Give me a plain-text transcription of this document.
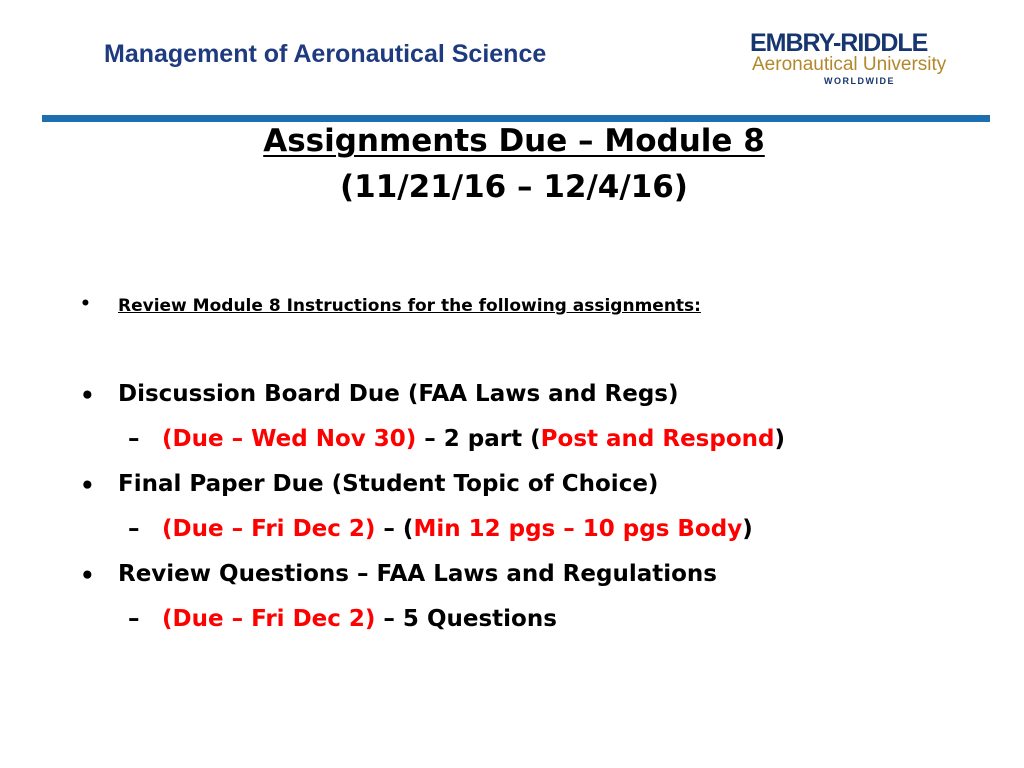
Management of Aeronautical Science	EMBRY-RIDDLE
Aeronautical University
WORLDWIDE
Assignments Due – Module 8
(11/21/16 – 12/4/16)
• Review Module 8 Instructions for the following assignments:
• Discussion Board Due (FAA Laws and Regs)
– (Due – Wed Nov 30) – 2 part (Post and Respond)
• Final Paper Due (Student Topic of Choice)
– (Due – Fri Dec 2) – (Min 12 pgs – 10 pgs Body)
• Review Questions – FAA Laws and Regulations
– (Due – Fri Dec 2) – 5 Questions
